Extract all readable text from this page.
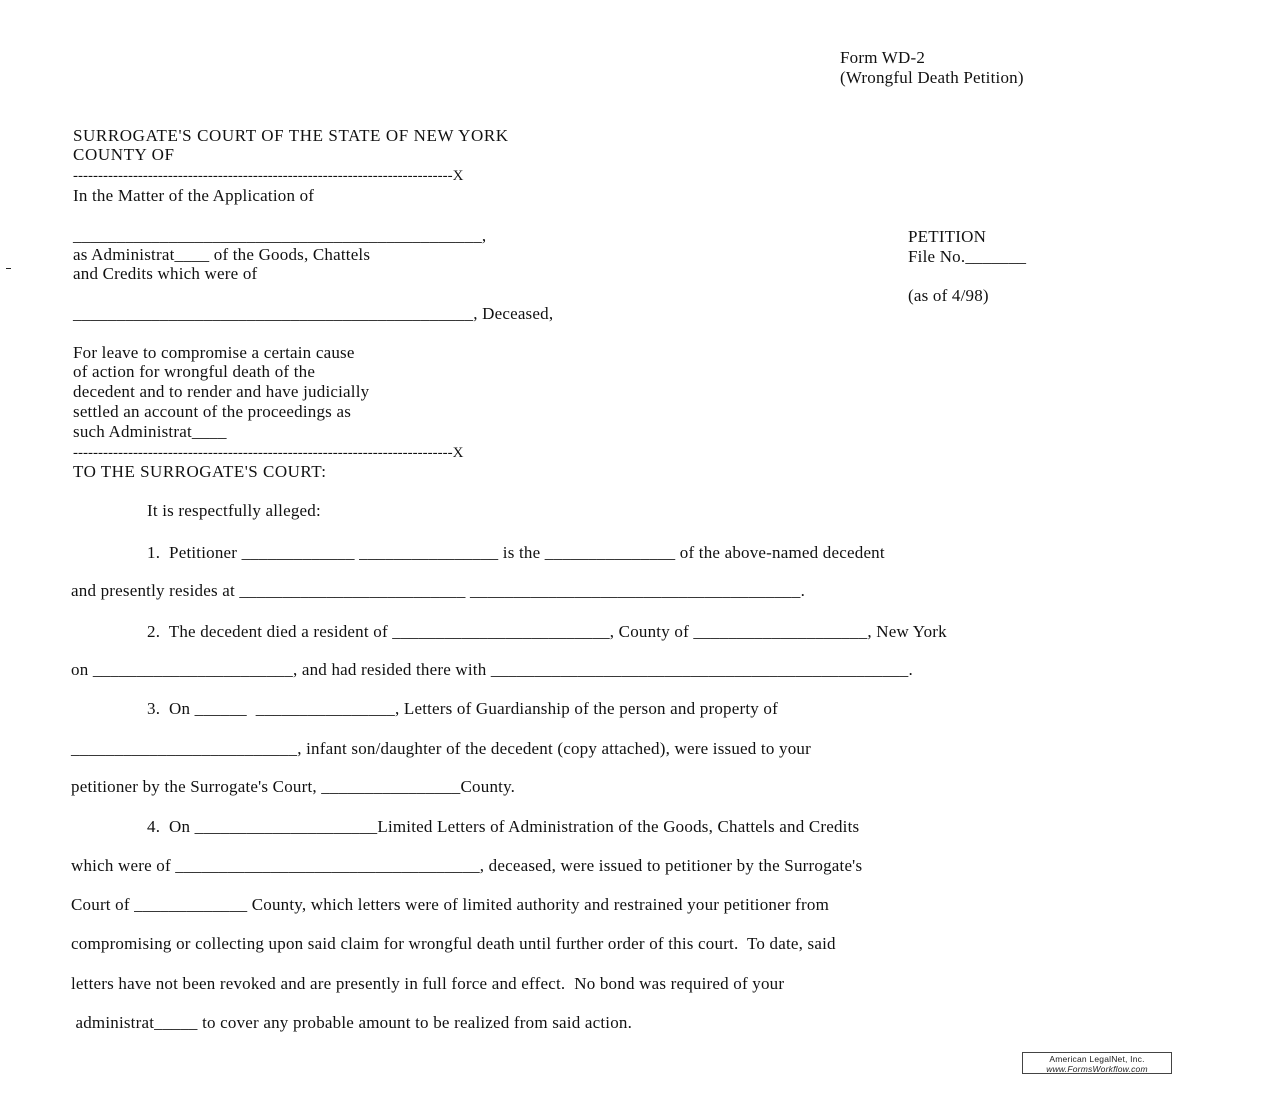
Form WD-2
(Wrongful Death Petition)
SURROGATE'S COURT OF THE STATE OF NEW YORK
COUNTY OF
----------------------------------------------------------------------------X
In the Matter of the Application of
_______________________________________________,
as Administrat____ of the Goods, Chattels
and Credits which were of
______________________________________________, Deceased,
For leave to compromise a certain cause
of action for wrongful death of the
decedent and to render and have judicially
settled an account of the proceedings as
such Administrat____
----------------------------------------------------------------------------X
TO THE SURROGATE'S COURT:
PETITION
File No._______
(as of 4/98)
It is respectfully alleged:
1.  Petitioner _____________ ________________ is the _______________ of the above-named decedent
and presently resides at __________________________ ______________________________________.
2.  The decedent died a resident of _________________________, County of ____________________, New York
on _______________________, and had resided there with ________________________________________________.
3.  On ______  ________________, Letters of Guardianship of the person and property of
__________________________, infant son/daughter of the decedent (copy attached), were issued to your
petitioner by the Surrogate's Court, ________________County.
4.  On _____________________Limited Letters of Administration of the Goods, Chattels and Credits
which were of ___________________________________, deceased, were issued to petitioner by the Surrogate's
Court of _____________ County, which letters were of limited authority and restrained your petitioner from
compromising or collecting upon said claim for wrongful death until further order of this court.  To date, said
letters have not been revoked and are presently in full force and effect.  No bond was required of your
administrat_____ to cover any probable amount to be realized from said action.
American LegalNet, Inc.
www.FormsWorkflow.com
